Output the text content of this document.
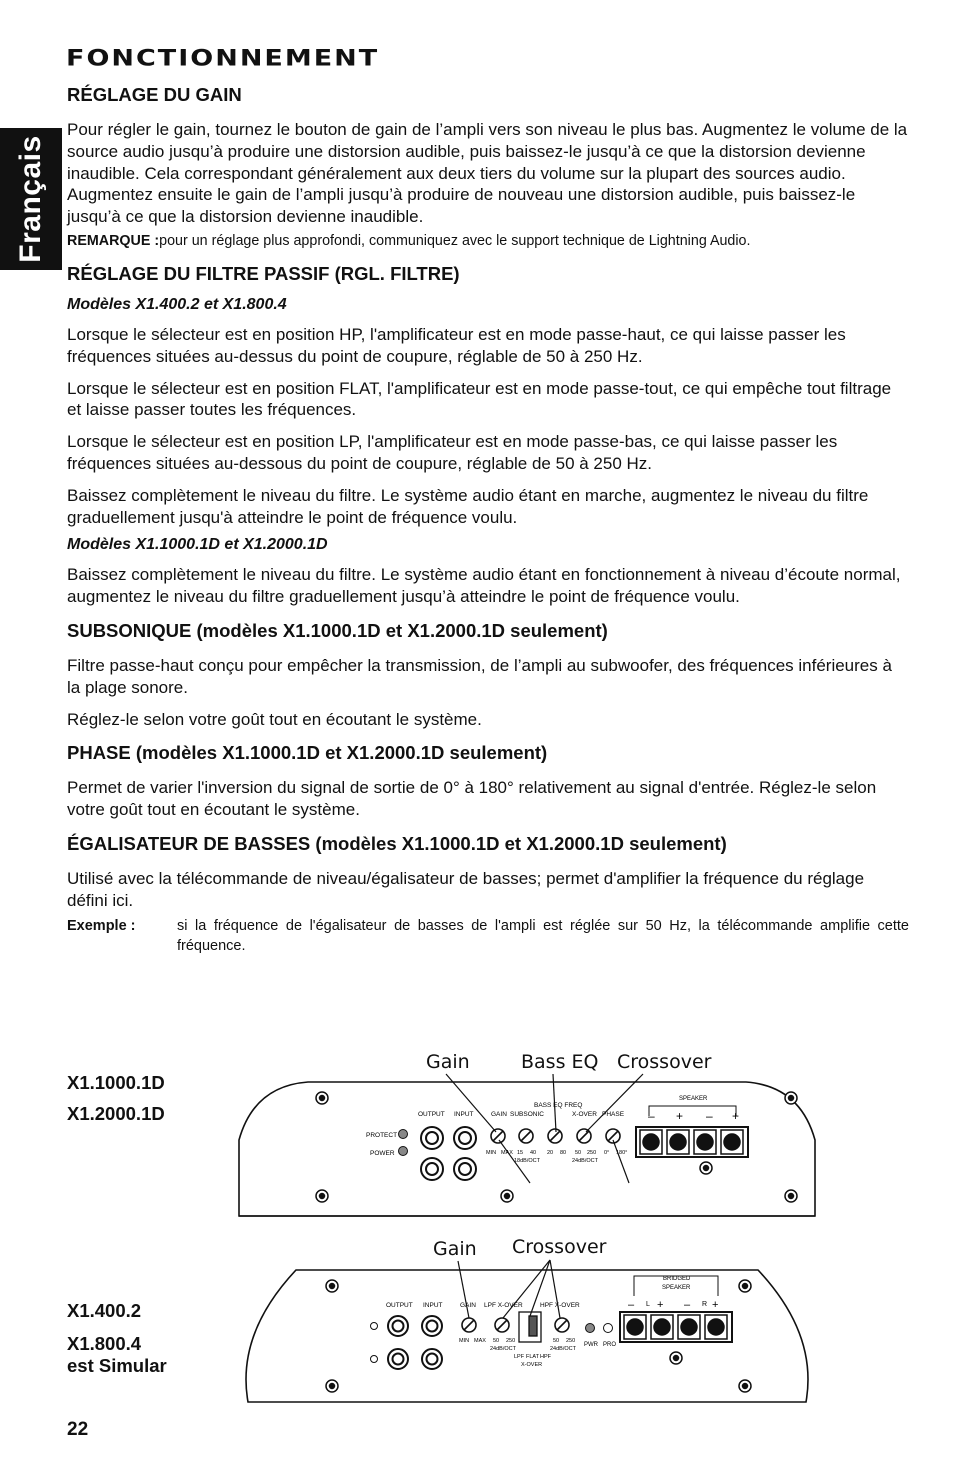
Français
FONCTIONNEMENT
RÉGLAGE DU GAIN

Pour régler le gain, tournez le bouton de gain de l’ampli vers son niveau le plus bas. Augmentez le volume de la source audio jusqu’à produire une distorsion audible, puis baissez-le jusqu’à ce que la distorsion devienne inaudible. Cela correspondant généralement aux deux tiers du volume sur la plupart des sources audio. Augmentez ensuite le gain de l’ampli jusqu’à produire de nouveau une distorsion audible, puis baissez-le jusqu’à ce que la distorsion devienne inaudible.

REMARQUE :pour un réglage plus approfondi, communiquez avec le support technique de Lightning Audio.
RÉGLAGE DU FILTRE PASSIF (RGL. FILTRE)
Modèles X1.400.2 et X1.800.4

Lorsque le sélecteur est en position HP, l'amplificateur est en mode passe-haut, ce qui laisse passer les fréquences situées au-dessus du point de coupure, réglable de 50 à 250 Hz.

Lorsque le sélecteur est en position FLAT, l'amplificateur est en mode passe-tout, ce qui empêche tout filtrage et laisse passer toutes les fréquences.

Lorsque le sélecteur est en position LP, l'amplificateur est en mode passe-bas, ce qui laisse passer les fréquences situées au-dessous du point de coupure, réglable de 50 à 250 Hz.

Baissez complètement le niveau du filtre. Le système audio étant en marche, augmentez le niveau du filtre graduellement jusqu'à atteindre le point de fréquence voulu.

Modèles X1.1000.1D et X1.2000.1D

Baissez complètement le niveau du filtre. Le système audio étant en fonctionnement à niveau d’écoute normal, augmentez le niveau du filtre graduellement jusqu’à atteindre le point de fréquence voulu.

SUBSONIQUE (modèles X1.1000.1D et X1.2000.1D seulement)

Filtre passe-haut conçu pour empêcher la transmission, de l’ampli au subwoofer, des fréquences inférieures à la plage sonore.

Réglez-le selon votre goût tout en écoutant le système.

PHASE (modèles X1.1000.1D et X1.2000.1D seulement)

Permet de varier l'inversion du signal de sortie de 0° à 180° relativement au signal d'entrée. Réglez-le selon votre goût tout en écoutant le système.

ÉGALISATEUR DE BASSES (modèles X1.1000.1D et X1.2000.1D seulement)

Utilisé avec la télécommande de niveau/égalisateur de basses; permet d'amplifier la fréquence du réglage défini ici.

Exemple :	si la fréquence de l'égalisateur de basses de l'ampli est réglée sur 50 Hz, la télécommande amplifie cette fréquence.
X1.1000.1D
X1.2000.1D
Gain	Bass EQ Crossover
PROTECT
POWER
OUTPUT INPUT	GAIN SUBSONIC
BASS EQ FREQ
X-OVER PHASE
MIN MAX 15 40
18dB/OCT
20 80 50 250
24dB/OCT
0° 180°
SPEAKER
– + – +
Gain Crossover
X1.400.2
X1.800.4
est Simular
OUTPUT INPUT	GAIN LPF X-OVER	HPF X-OVER
MIN MAX 50 250
24dB/OCT
50 250
24dB/OCT
LPF FLAT HPF
X-OVER
PWR PRO
BRIDGED
SPEAKER
– L + – R +
22
